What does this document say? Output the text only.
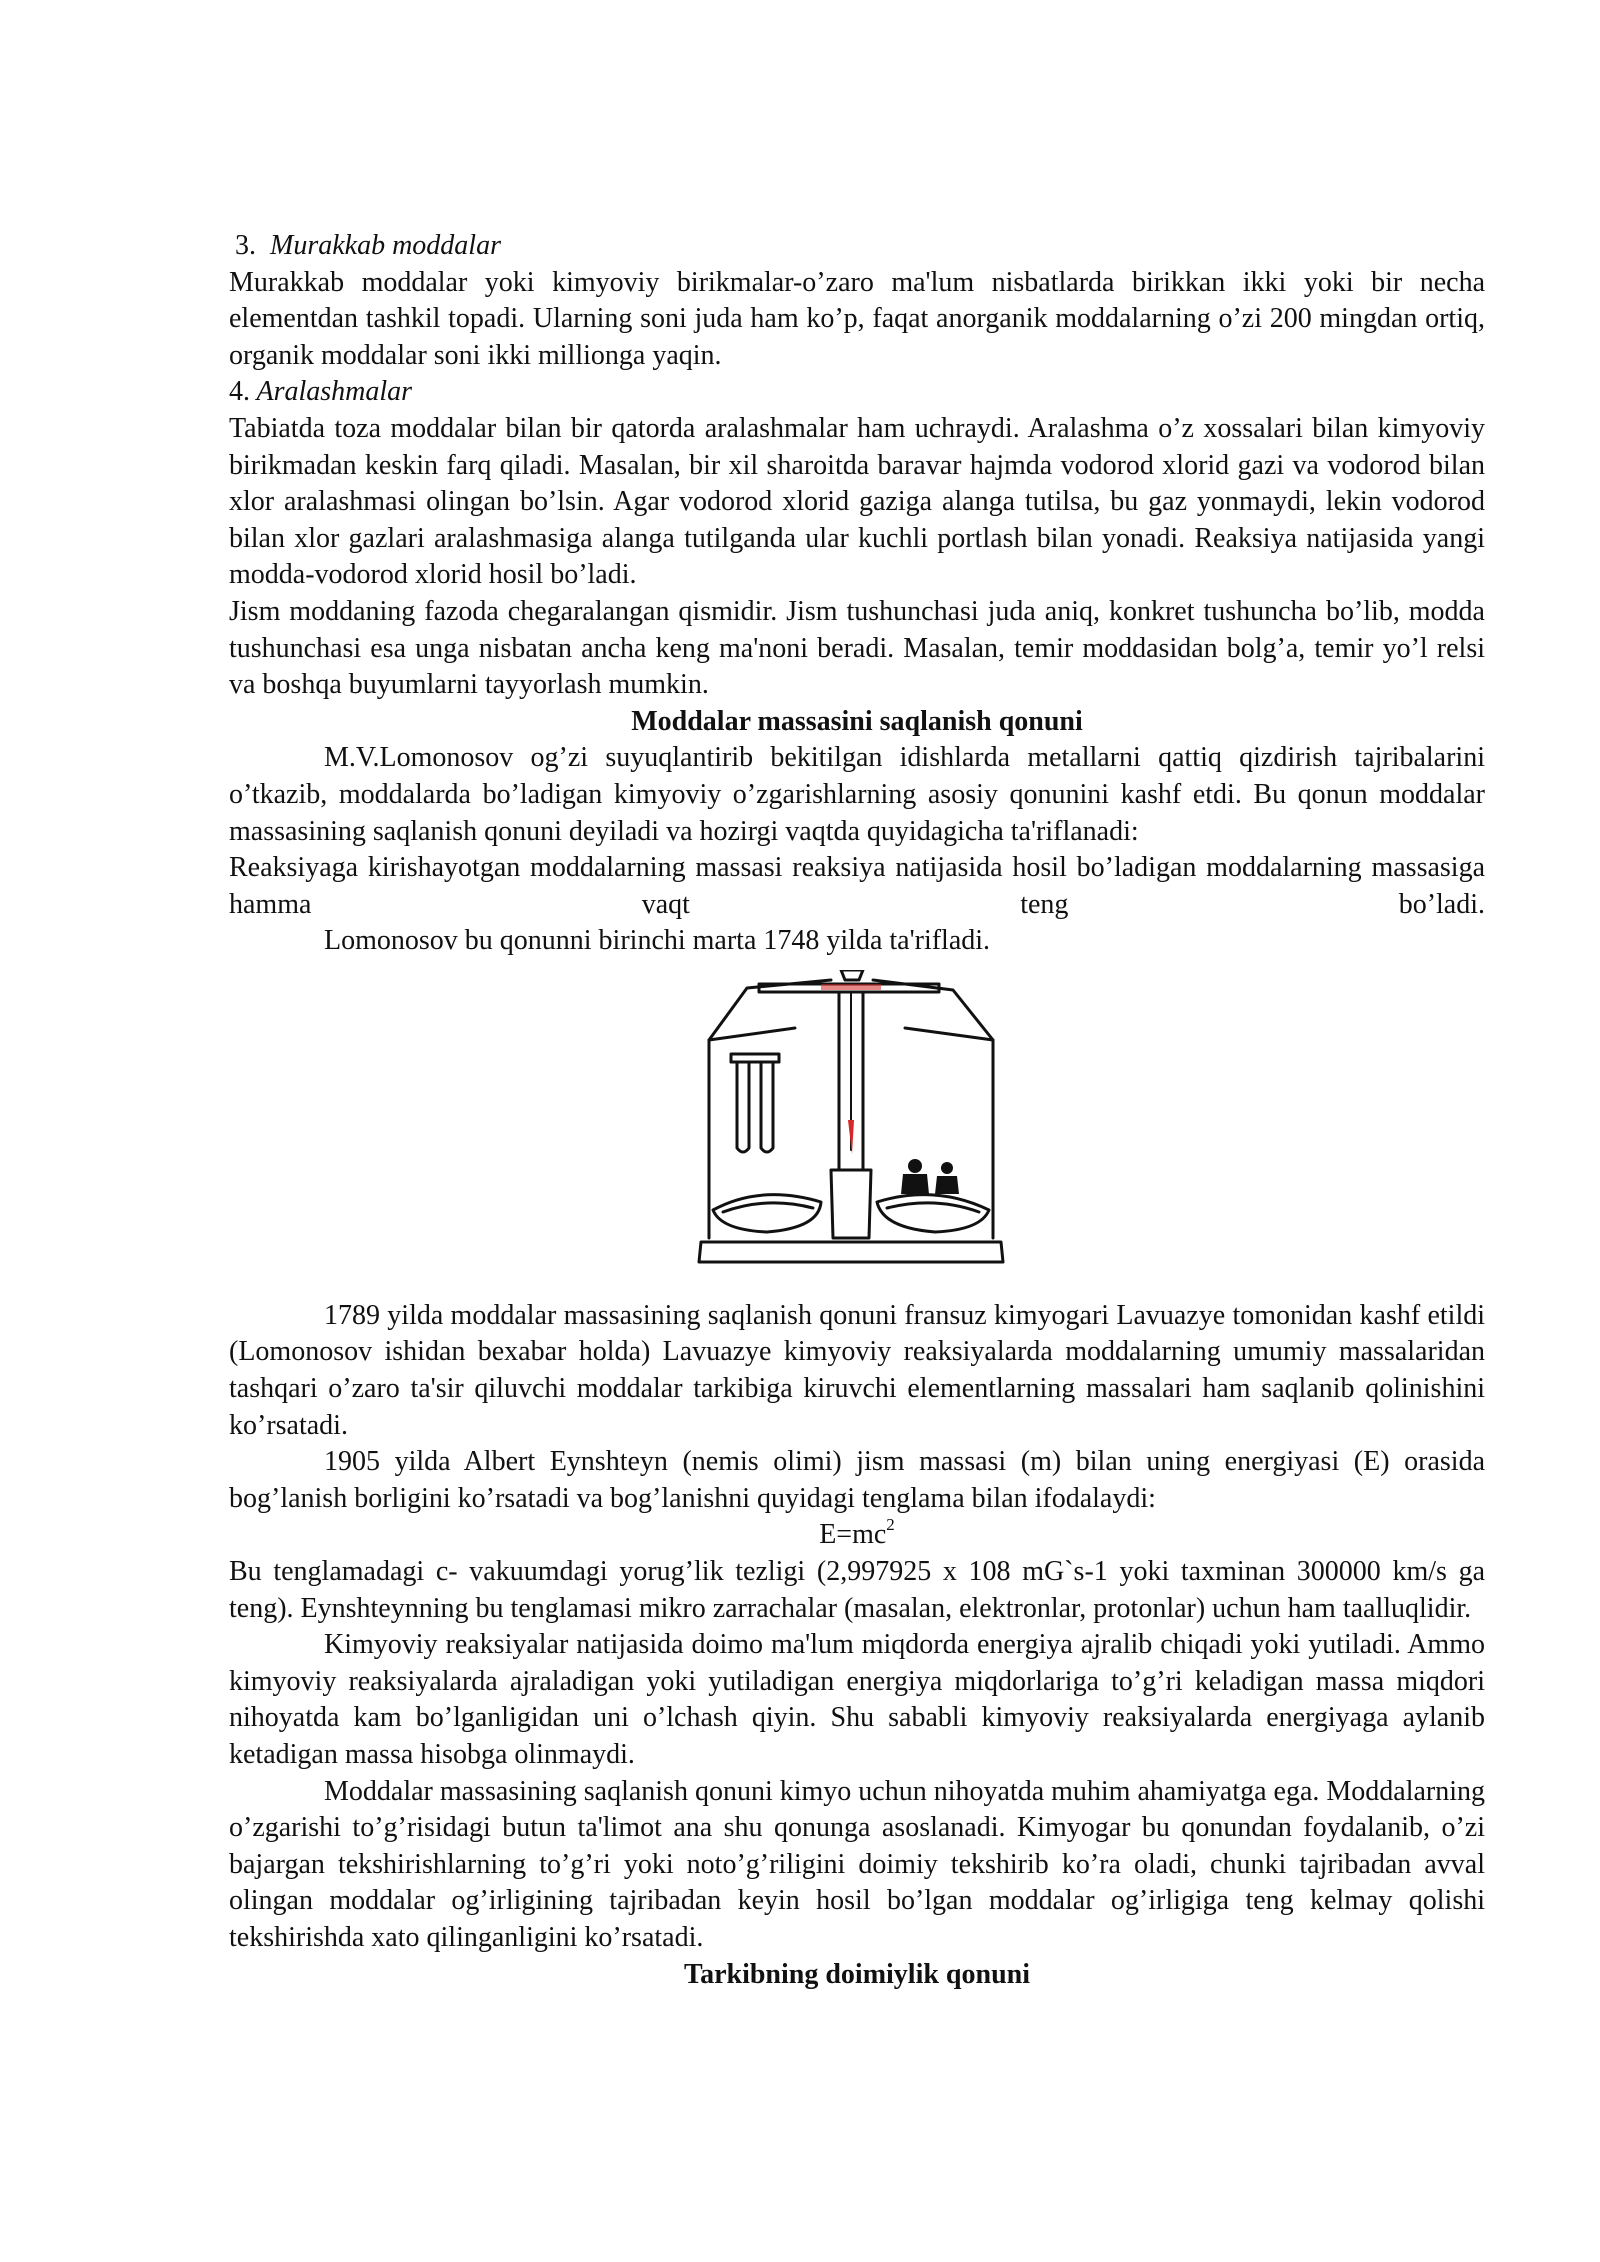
3. Murakkab moddalar

Murakkab moddalar yoki kimyoviy birikmalar-o’zaro ma'lum nisbatlarda birikkan ikki yoki bir necha elementdan tashkil topadi. Ularning soni juda ham ko’p, faqat anorganik moddalarning o’zi 200 mingdan ortiq, organik moddalar soni ikki millionga yaqin.

4. Aralashmalar

Tabiatda toza moddalar bilan bir qatorda aralashmalar ham uchraydi. Aralashma o’z xossalari bilan kimyoviy birikmadan keskin farq qiladi. Masalan, bir xil sharoitda baravar hajmda vodorod xlorid gazi va vodorod bilan xlor aralashmasi olingan bo’lsin. Agar vodorod xlorid gaziga alanga tutilsa, bu gaz yonmaydi, lekin vodorod bilan xlor gazlari aralashmasiga alanga tutilganda ular kuchli portlash bilan yonadi. Reaksiya natijasida yangi modda-vodorod xlorid hosil bo’ladi.

Jism moddaning fazoda chegaralangan qismidir. Jism tushunchasi juda aniq, konkret tushuncha bo’lib, modda tushunchasi esa unga nisbatan ancha keng ma'noni beradi. Masalan, temir moddasidan bolg’a, temir yo’l relsi va boshqa buyumlarni tayyorlash mumkin.

Moddalar massasini saqlanish qonuni

M.V.Lomonosov og’zi suyuqlantirib bekitilgan idishlarda metallarni qattiq qizdirish tajribalarini o’tkazib, moddalarda bo’ladigan kimyoviy o’zgarishlarning asosiy qonunini kashf etdi. Bu qonun moddalar massasining saqlanish qonuni deyiladi va hozirgi vaqtda quyidagicha ta'riflanadi:

Reaksiyaga kirishayotgan moddalarning massasi reaksiya natijasida hosil bo’ladigan moddalarning massasiga hamma vaqt teng bo’ladi.

Lomonosov bu qonunni birinchi marta 1748 yilda ta'rifladi.

1789 yilda moddalar massasining saqlanish qonuni fransuz kimyogari Lavuazye tomonidan kashf etildi (Lomonosov ishidan bexabar holda) Lavuazye kimyoviy reaksiyalarda moddalarning umumiy massalaridan tashqari o’zaro ta'sir qiluvchi moddalar tarkibiga kiruvchi elementlarning massalari ham saqlanib qolinishini ko’rsatadi.

1905 yilda Albert Eynshteyn (nemis olimi) jism massasi (m) bilan uning energiyasi (E) orasida bog’lanish borligini ko’rsatadi va bog’lanishni quyidagi tenglama bilan ifodalaydi:

$E=mc^2$

Bu tenglamadagi c- vakuumdagi yorug’lik tezligi (2,997925 x 108 mG`s-1 yoki taxminan 300000 km/s ga teng). Eynshteynning bu tenglamasi mikro zarrachalar (masalan, elektronlar, protonlar) uchun ham taalluqlidir.

Kimyoviy reaksiyalar natijasida doimo ma'lum miqdorda energiya ajralib chiqadi yoki yutiladi. Ammo kimyoviy reaksiyalarda ajraladigan yoki yutiladigan energiya miqdorlariga to’g’ri keladigan massa miqdori nihoyatda kam bo’lganligidan uni o’lchash qiyin. Shu sababli kimyoviy reaksiyalarda energiyaga aylanib ketadigan massa hisobga olinmaydi.

Moddalar massasining saqlanish qonuni kimyo uchun nihoyatda muhim ahamiyatga ega. Moddalarning o’zgarishi to’g’risidagi butun ta'limot ana shu qonunga asoslanadi. Kimyogar bu qonundan foydalanib, o’zi bajargan tekshirishlarning to’g’ri yoki noto’g’riligini doimiy tekshirib ko’ra oladi, chunki tajribadan avval olingan moddalar og’irligining tajribadan keyin hosil bo’lgan moddalar og’irligiga teng kelmay qolishi tekshirishda xato qilinganligini ko’rsatadi.

Tarkibning doimiylik qonuni
